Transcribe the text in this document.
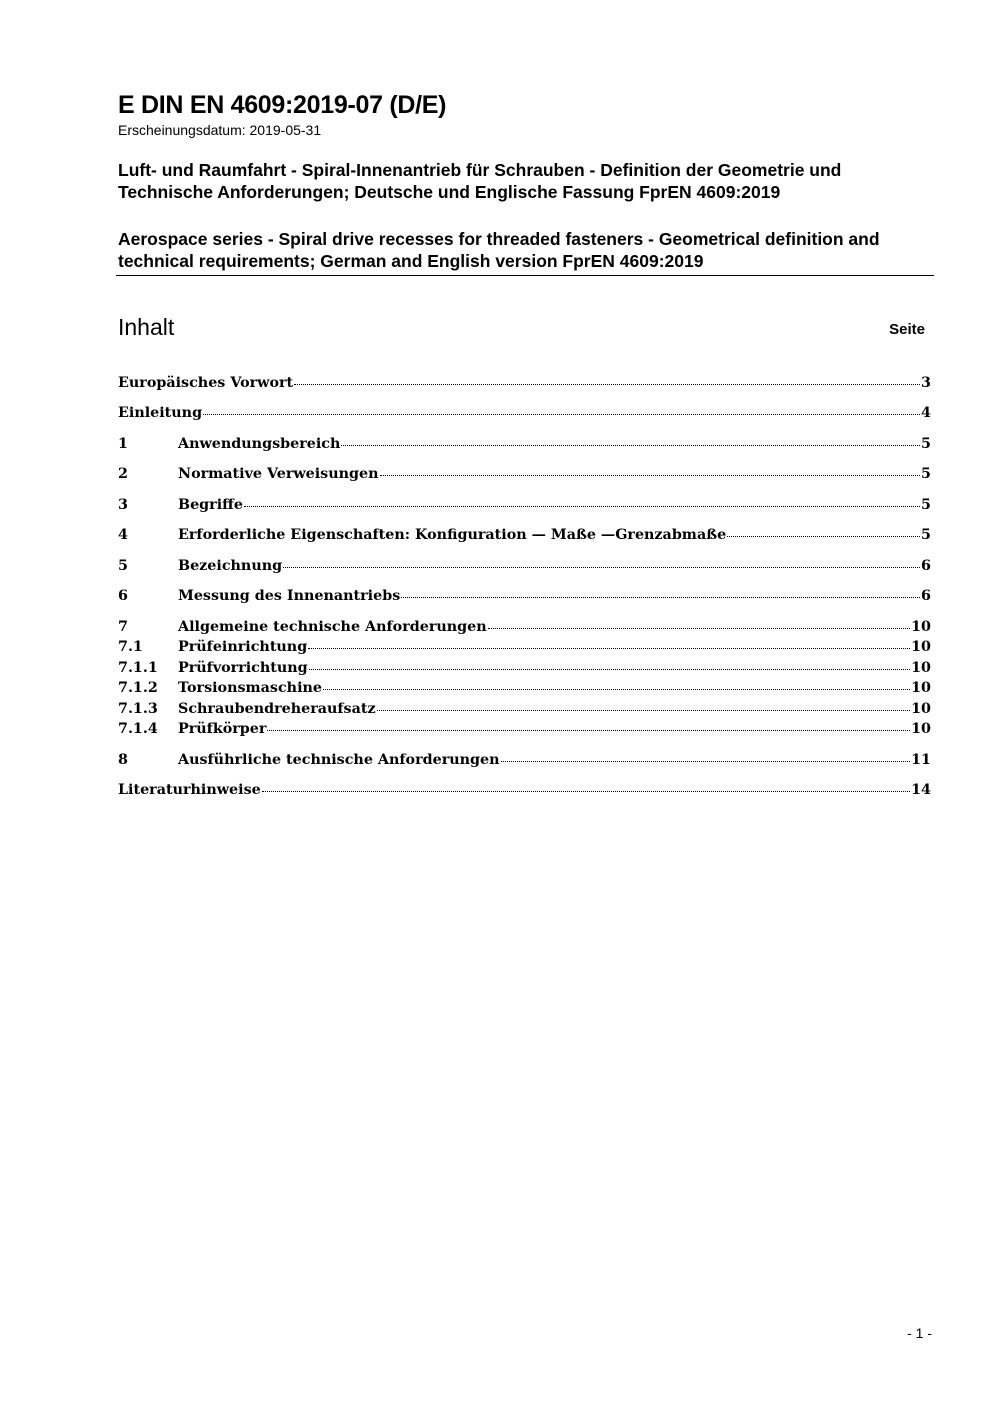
E DIN EN 4609:2019-07 (D/E)
Erscheinungsdatum: 2019-05-31
Luft- und Raumfahrt - Spiral-Innenantrieb für Schrauben - Definition der Geometrie und Technische Anforderungen; Deutsche und Englische Fassung FprEN 4609:2019
Aerospace series - Spiral drive recesses for threaded fasteners - Geometrical definition and technical requirements; German and English version FprEN 4609:2019
Inhalt	Seite
Europäisches Vorwort	3
Einleitung	4
1	Anwendungsbereich	5
2	Normative Verweisungen	5
3	Begriffe	5
4	Erforderliche Eigenschaften: Konfiguration — Maße —Grenzabmaße	5
5	Bezeichnung	6
6	Messung des Innenantriebs	6
7	Allgemeine technische Anforderungen	10
7.1	Prüfeinrichtung	10
7.1.1	Prüfvorrichtung	10
7.1.2	Torsionsmaschine	10
7.1.3	Schraubendreheraufsatz	10
7.1.4	Prüfkörper	10
8	Ausführliche technische Anforderungen	11
Literaturhinweise	14
- 1 -
